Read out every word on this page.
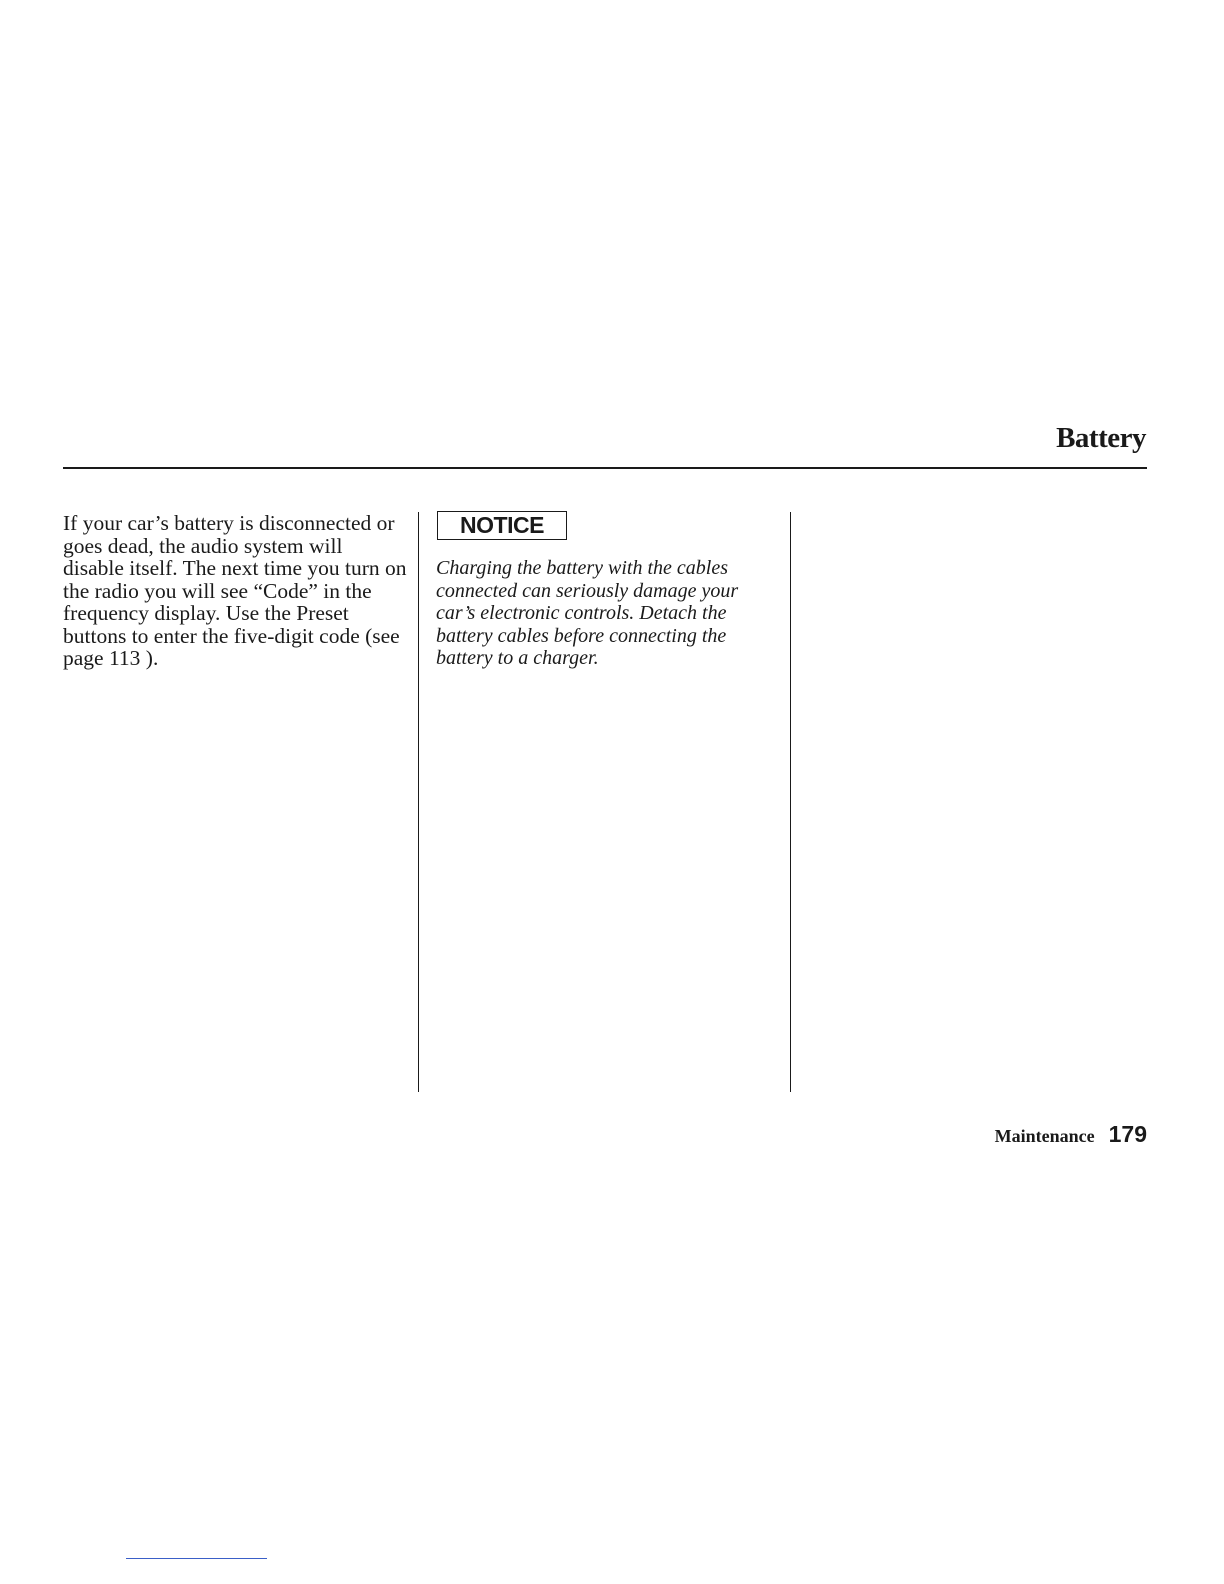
Battery
If your car’s battery is disconnected or goes dead, the audio system will disable itself. The next time you turn on the radio you will see “Code” in the frequency display. Use the Preset buttons to enter the five-digit code (see page 113 ).
NOTICE
Charging the battery with the cables connected can seriously damage your car’s electronic controls. Detach the battery cables before connecting the battery to a charger.
Maintenance 179
